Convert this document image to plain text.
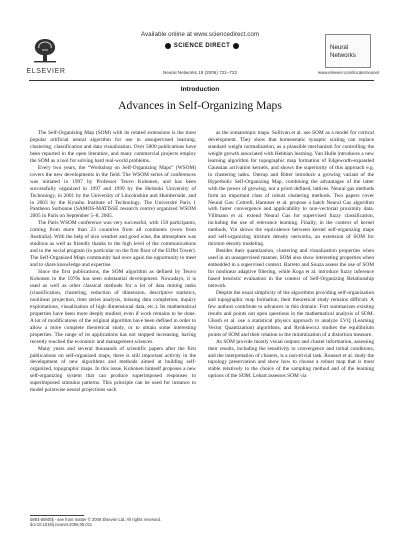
Available online at www.sciencedirect.com
SCIENCE DIRECT
ELSEVIER	Neural Networks 19 (2006) 721–722
Neural Networks
www.elsevier.com/locate/neunet
Introduction
Advances in Self-Organizing Maps

The Self-Organizing Map (SOM) with its related extensions is the most popular artificial neural algorithm for use in unsupervised learning, clustering, classification and data visualization. Over 5000 publications have been reported in the open literature, and many commercial projects employ the SOM as a tool for solving hard real-world problems.

Every two years, the “Workshop on Self-Organizing Maps” (WSOM) covers the new developments in the field. The WSOM series of conferences was initiated in 1997 by Professor Teuvo Kohonen, and has been successfully organized in 1997 and 1999 by the Helsinki University of Technology, in 2001 by the University of Lincolnshire and Humberside, and in 2003 by the Kyushu Institute of Technology. The Université Paris 1 Panthéon Sorbonne (SAMOS-MATISSE research centre) organized WSOM 2005 in Paris on September 5–8, 2005.

The Paris WSOM conference was very successful, with 150 participants, coming from more than 23 countries from all continents (even from Australia). With the help of nice weather and good wine, the atmosphere was studious as well as friendly thanks to the high level of the communications and to the social program (in particular on the first floor of the Eiffel Tower). The Self-Organized Maps community had once again the opportunity to meet and to share knowledge and expertise.

Since the first publications, the SOM algorithm as defined by Teuvo Kohonen in the 1970s has seen substantial development. Nowadays, it is used as well as other classical methods for a lot of data mining tasks (classification, clustering, reduction of dimension, descriptive statistics, nonlinear projection, time series analysis, missing data completion, inquiry exploitations, visualization of high dimensional data, etc.). Its mathematical properties have been more deeply studied, even if work remains to be done. A lot of modifications of the original algorithm have been defined in order to allow a more complete theoretical study, or to obtain some interesting properties. The range of its applications has not stopped increasing, having recently touched the economic and management sciences.

Many years and several thousands of scientific papers after the first publications on self-organized maps, there is still important activity in the development of new algorithms and methods aimed at building self-organized, topographic maps. In this issue, Kohonen himself proposes a new self-organizing system that can produce superimposed responses to superimposed stimulus patterns. This principle can be used for instance to model pointwise neural projections such

as the somatotopic maps. Sullivan et al. use SOM as a model for cortical development. They show that homeostatic synaptic scaling can replace standard weight normalization, as a plausible mechanism for controlling the weight growth associated with Hebbian learning. Van Hulle introduces a new learning algorithm for topographic map formation of Edgeworth-expanded Gaussian activation kernels, and shows the superiority of this approach e.g. in clustering tasks. Ontrup and Ritter introduce a growing variant of the Hyperbolic Self-Organizing Map, combining the advantages of the latter with the power of growing, not a priori defined, lattices. Neural gas methods form an important class of robust clustering methods. Two papers cover Neural Gas: Cottrell, Hammer et al. propose a batch Neural Gas algorithm with faster convergence and applicability to non-vectorial proximity data. Villmann et al. extend Neural Gas for supervised fuzzy classification, including the use of relevance learning. Finally, in the context of kernel methods, Yin shows the equivalence between kernel self-organizing maps and self-organizing mixture density networks, an extension of SOM for mixture density modeling.

Besides their quantization, clustering and visualization properties when used in an unsupervised manner, SOM also show interesting properties when embedded in a supervised context. Barreto and Souza assess the use of SOM for nonlinear adaptive filtering, while Koga et al. introduce fuzzy inference based heuristic evaluation in the context of Self-Organizing Relationship network.

Despite the usual simplicity of the algorithms providing self-organization and topographic map formation, their theoretical study remains difficult. A few authors contribute to advances in this domain: Fort summarizes existing results and points out open questions in the mathematical analysis of SOM. Ghosh et al. use a statistical physics approach to analyze LVQ (Learning Vector Quantization) algorithms, and Rynkiewicz studies the equilibrium points of SOM and their relation to the minimization of a distortion measure.

As SOM provide mostly visual outputs and cluster information, assessing their results, including the sensitivity to convergence and initial conditions, and the interpretation of clusters, is a non-trivial task. Rousset et al. study the topology preservation and show how to choose a robust map that is most stable relatively to the choice of the sampling method and of the learning options of the SOM. Lebart assesses SOM via

0893-6080/$ - see front matter © 2006 Elsevier Ltd. All rights reserved.
doi:10.1016/j.neunet.2006.05.011
